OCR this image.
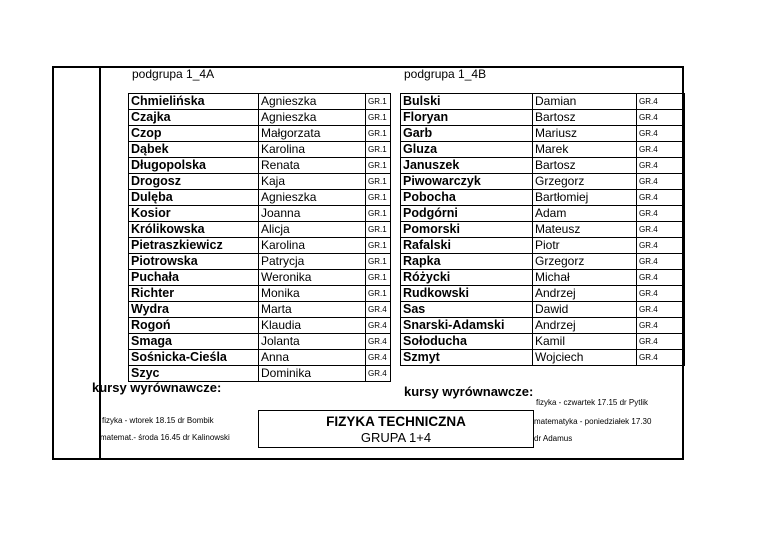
podgrupa 1_4A	podgrupa 1_4B
Chmielińska	Agnieszka	GR.1
Czajka	Agnieszka	GR.1
Czop	Małgorzata	GR.1
Dąbek	Karolina	GR.1
Długopolska	Renata	GR.1
Drogosz	Kaja	GR.1
Dulęba	Agnieszka	GR.1
Kosior	Joanna	GR.1
Królikowska	Alicja	GR.1
Pietraszkiewicz	Karolina	GR.1
Piotrowska	Patrycja	GR.1
Puchała	Weronika	GR.1
Richter	Monika	GR.1
Wydra	Marta	GR.4
Rogoń	Klaudia	GR.4
Smaga	Jolanta	GR.4
Sośnicka-Cieśla	Anna	GR.4
Szyc	Dominika	GR.4
Bulski	Damian	GR.4
Floryan	Bartosz	GR.4
Garb	Mariusz	GR.4
Gluza	Marek	GR.4
Januszek	Bartosz	GR.4
Piwowarczyk	Grzegorz	GR.4
Pobocha	Bartłomiej	GR.4
Podgórni	Adam	GR.4
Pomorski	Mateusz	GR.4
Rafalski	Piotr	GR.4
Rapka	Grzegorz	GR.4
Różycki	Michał	GR.4
Rudkowski	Andrzej	GR.4
Sas	Dawid	GR.4
Snarski-Adamski	Andrzej	GR.4
Sołoducha	Kamil	GR.4
Szmyt	Wojciech	GR.4
kursy wyrównawcze:	kursy wyrównawcze:
fizyka - wtorek 18.15 dr Bombik
matemat.- środa 16.45 dr Kalinowski
fizyka - czwartek 17.15 dr Pytlik
matematyka - poniedziałek 17.30
dr Adamus
FIZYKA TECHNICZNA
GRUPA 1+4
